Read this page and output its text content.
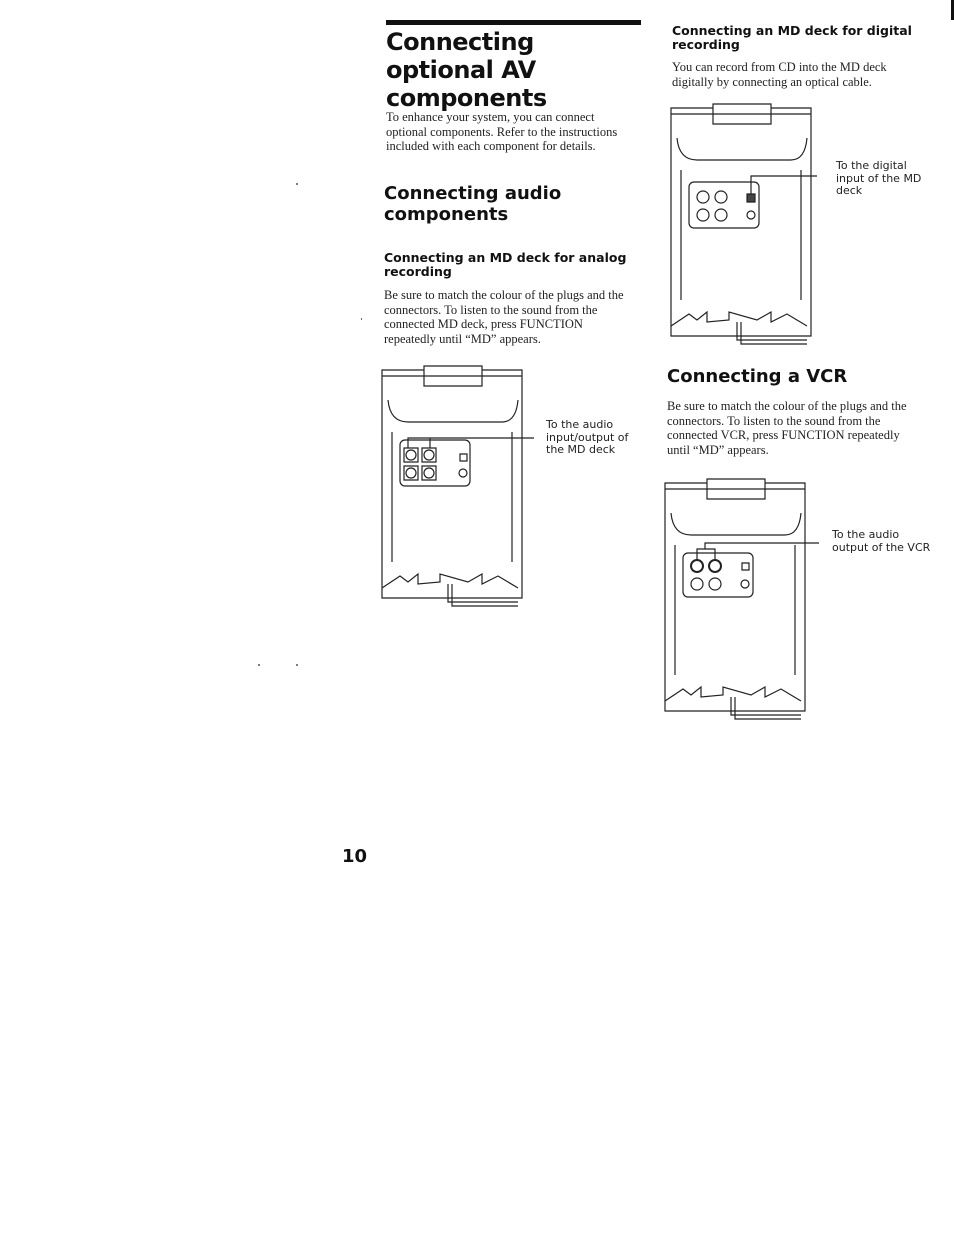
Connecting optional AV components

To enhance your system, you can connect optional components. Refer to the instructions included with each component for details.

Connecting audio components
Connecting an MD deck for analog recording

Be sure to match the colour of the plugs and the connectors. To listen to the sound from the connected MD deck, press FUNCTION repeatedly until “MD” appears.

To the audio input/output of the MD deck

10

Connecting an MD deck for digital recording

You can record from CD into the MD deck digitally by connecting an optical cable.

To the digital input of the MD deck

Connecting a VCR

Be sure to match the colour of the plugs and the connectors. To listen to the sound from the connected VCR, press FUNCTION repeatedly until “MD” appears.

To the audio output of the VCR
